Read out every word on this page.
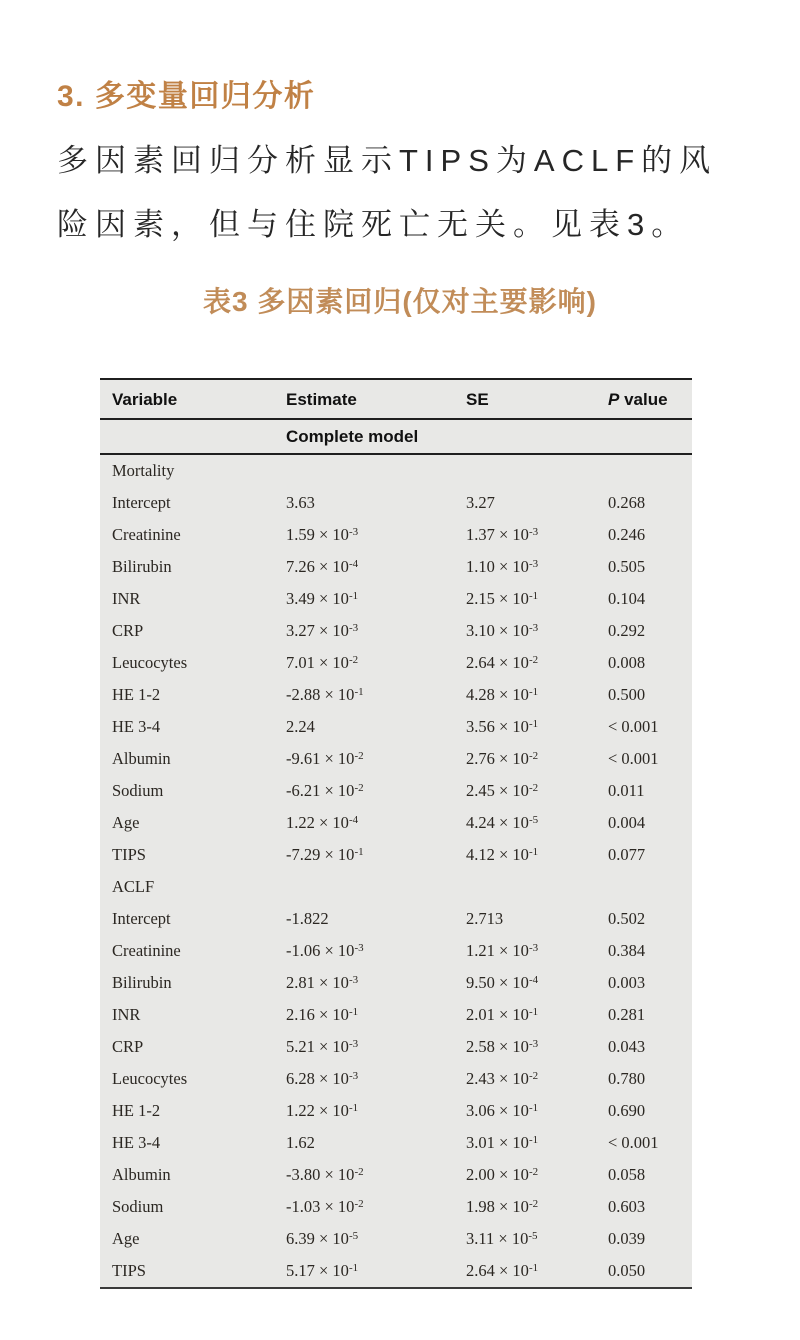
3. 多变量回归分析

多因素回归分析显示TIPS为ACLF的风险因素，但与住院死亡无关。见表3。

表3 多因素回归(仅对主要影响)
Variable	Estimate	SE	P value
	Complete model		
Mortality			
Intercept	3.63	3.27	0.268
Creatinine	$1.59 \times 10^{-3}$	$1.37 \times 10^{-3}$	0.246
Bilirubin	$7.26 \times 10^{-4}$	$1.10 \times 10^{-3}$	0.505
INR	$3.49 \times 10^{-1}$	$2.15 \times 10^{-1}$	0.104
CRP	$3.27 \times 10^{-3}$	$3.10 \times 10^{-3}$	0.292
Leucocytes	$7.01 \times 10^{-2}$	$2.64 \times 10^{-2}$	0.008
HE 1-2	$-2.88 \times 10^{-1}$	$4.28 \times 10^{-1}$	0.500
HE 3-4	2.24	$3.56 \times 10^{-1}$	< 0.001
Albumin	$-9.61 \times 10^{-2}$	$2.76 \times 10^{-2}$	< 0.001
Sodium	$-6.21 \times 10^{-2}$	$2.45 \times 10^{-2}$	0.011
Age	$1.22 \times 10^{-4}$	$4.24 \times 10^{-5}$	0.004
TIPS	$-7.29 \times 10^{-1}$	$4.12 \times 10^{-1}$	0.077
ACLF			
Intercept	-1.822	2.713	0.502
Creatinine	$-1.06 \times 10^{-3}$	$1.21 \times 10^{-3}$	0.384
Bilirubin	$2.81 \times 10^{-3}$	$9.50 \times 10^{-4}$	0.003
INR	$2.16 \times 10^{-1}$	$2.01 \times 10^{-1}$	0.281
CRP	$5.21 \times 10^{-3}$	$2.58 \times 10^{-3}$	0.043
Leucocytes	$6.28 \times 10^{-3}$	$2.43 \times 10^{-2}$	0.780
HE 1-2	$1.22 \times 10^{-1}$	$3.06 \times 10^{-1}$	0.690
HE 3-4	1.62	$3.01 \times 10^{-1}$	< 0.001
Albumin	$-3.80 \times 10^{-2}$	$2.00 \times 10^{-2}$	0.058
Sodium	$-1.03 \times 10^{-2}$	$1.98 \times 10^{-2}$	0.603
Age	$6.39 \times 10^{-5}$	$3.11 \times 10^{-5}$	0.039
TIPS	$5.17 \times 10^{-1}$	$2.64 \times 10^{-1}$	0.050
